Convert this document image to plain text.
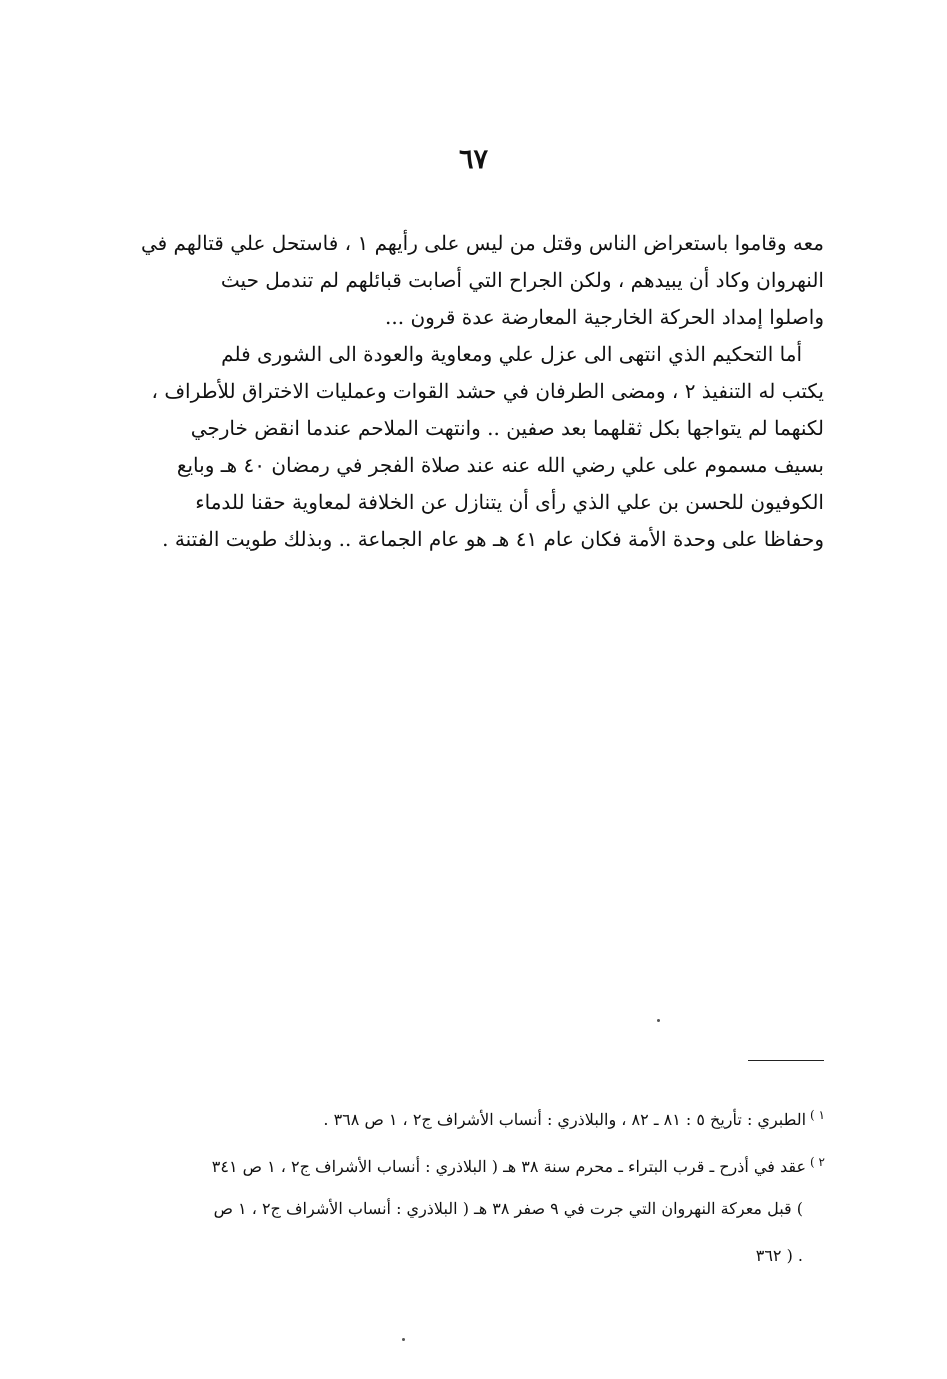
٦٧
معه وقاموا باستعراض الناس وقتل من ليس على رأيهم ١ ، فاستحل علي قتالهم في
النهروان وكاد أن يبيدهم ، ولكن الجراح التي أصابت قبائلهم لم تندمل حيث
واصلوا إمداد الحركة الخارجية المعارضة عدة قرون ...
أما التحكيم الذي انتهى الى عزل علي ومعاوية والعودة الى الشورى فلم
يكتب له التنفيذ ٢ ، ومضى الطرفان في حشد القوات وعمليات الاختراق للأطراف ،
لكنهما لم يتواجها بكل ثقلهما بعد صفين .. وانتهت الملاحم عندما انقض خارجي
بسيف مسموم على علي رضي الله عنه عند صلاة الفجر في رمضان ٤٠ هـ وبايع
الكوفيون للحسن بن علي الذي رأى أن يتنازل عن الخلافة لمعاوية حقنا للدماء
وحفاظا على وحدة الأمة فكان عام ٤١ هـ هو عام الجماعة .. وبذلك طويت الفتنة .
١ )الطبري : تأريخ ٥ : ٨١ ـ ٨٢ ، والبلاذري : أنساب الأشراف ج٢ ، ١ ص ٣٦٨ .
٢ )عقد في أذرح ـ قرب البتراء ـ محرم سنة ٣٨ هـ ( البلاذري : أنساب الأشراف ج٢ ، ١ ص ٣٤١
) قبل معركة النهروان التي جرت في ٩ صفر ٣٨ هـ ( البلاذري : أنساب الأشراف ج٢ ، ١ ص
. ( ٣٦٢
